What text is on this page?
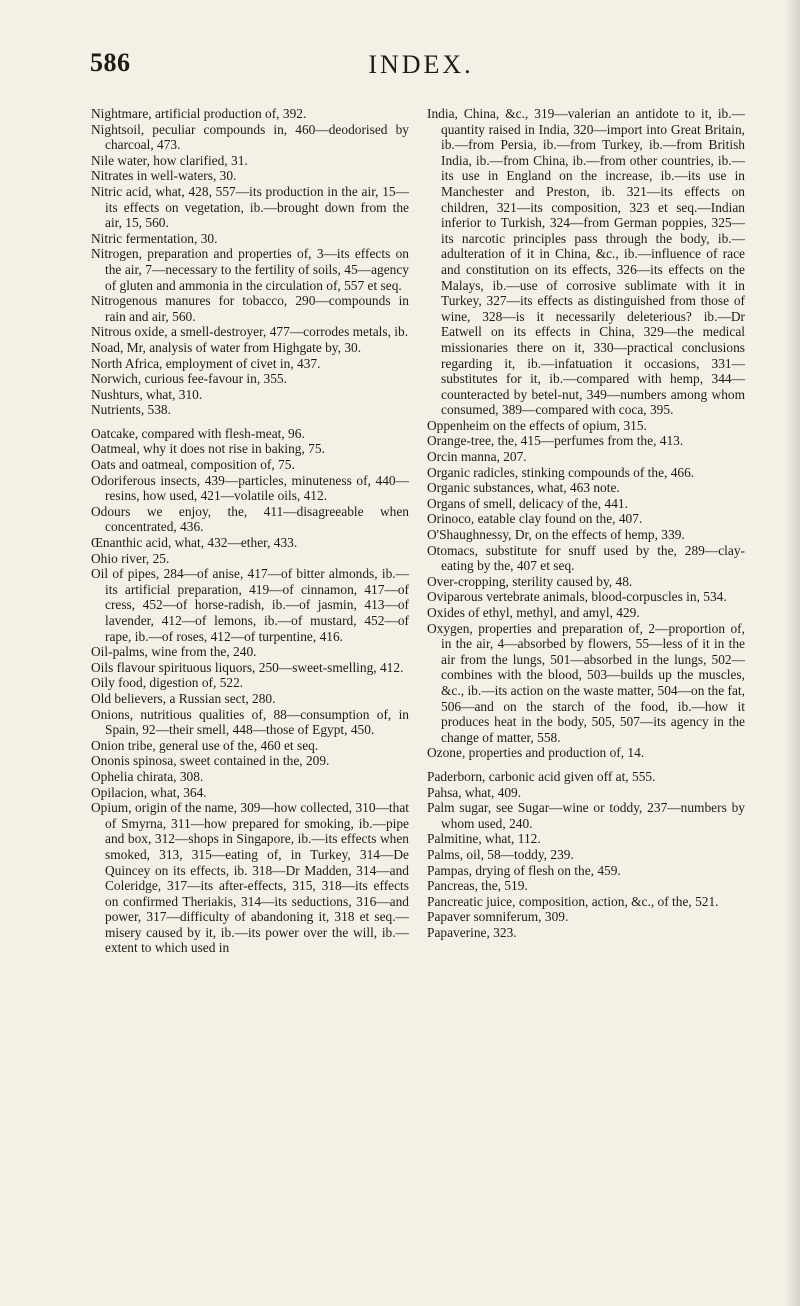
586	INDEX.

Nightmare, artificial production of, 392.

Nightsoil, peculiar compounds in, 460—deodorised by charcoal, 473.

Nile water, how clarified, 31.

Nitrates in well-waters, 30.

Nitric acid, what, 428, 557—its production in the air, 15—its effects on vegetation, ib.—brought down from the air, 15, 560.

Nitric fermentation, 30.

Nitrogen, preparation and properties of, 3—its effects on the air, 7—necessary to the fertility of soils, 45—agency of gluten and ammonia in the circulation of, 557 et seq.

Nitrogenous manures for tobacco, 290—compounds in rain and air, 560.

Nitrous oxide, a smell-destroyer, 477—corrodes metals, ib.

Noad, Mr, analysis of water from Highgate by, 30.

North Africa, employment of civet in, 437.

Norwich, curious fee-favour in, 355.

Nushturs, what, 310.

Nutrients, 538.

Oatcake, compared with flesh-meat, 96.

Oatmeal, why it does not rise in baking, 75.

Oats and oatmeal, composition of, 75.

Odoriferous insects, 439—particles, minuteness of, 440—resins, how used, 421—volatile oils, 412.

Odours we enjoy, the, 411—disagreeable when concentrated, 436.

Œnanthic acid, what, 432—ether, 433.

Ohio river, 25.

Oil of pipes, 284—of anise, 417—of bitter almonds, ib.—its artificial preparation, 419—of cinnamon, 417—of cress, 452—of horse-radish, ib.—of jasmin, 413—of lavender, 412—of lemons, ib.—of mustard, 452—of rape, ib.—of roses, 412—of turpentine, 416.

Oil-palms, wine from the, 240.

Oils flavour spirituous liquors, 250—sweet-smelling, 412.

Oily food, digestion of, 522.

Old believers, a Russian sect, 280.

Onions, nutritious qualities of, 88—consumption of, in Spain, 92—their smell, 448—those of Egypt, 450.

Onion tribe, general use of the, 460 et seq.

Ononis spinosa, sweet contained in the, 209.

Ophelia chirata, 308.

Opilacion, what, 364.

Opium, origin of the name, 309—how collected, 310—that of Smyrna, 311—how prepared for smoking, ib.—pipe and box, 312—shops in Singapore, ib.—its effects when smoked, 313, 315—eating of, in Turkey, 314—De Quincey on its effects, ib. 318—Dr Madden, 314—and Coleridge, 317—its after-effects, 315, 318—its effects on confirmed Theriakis, 314—its seductions, 316—and power, 317—difficulty of abandoning it, 318 et seq.—misery caused by it, ib.—its power over the will, ib.—extent to which used in

India, China, &c., 319—valerian an antidote to it, ib.—quantity raised in India, 320—import into Great Britain, ib.—from Persia, ib.—from Turkey, ib.—from British India, ib.—from China, ib.—from other countries, ib.—its use in England on the increase, ib.—its use in Manchester and Preston, ib. 321—its effects on children, 321—its composition, 323 et seq.—Indian inferior to Turkish, 324—from German poppies, 325—its narcotic principles pass through the body, ib.—adulteration of it in China, &c., ib.—influence of race and constitution on its effects, 326—its effects on the Malays, ib.—use of corrosive sublimate with it in Turkey, 327—its effects as distinguished from those of wine, 328—is it necessarily deleterious? ib.—Dr Eatwell on its effects in China, 329—the medical missionaries there on it, 330—practical conclusions regarding it, ib.—infatuation it occasions, 331—substitutes for it, ib.—compared with hemp, 344—counteracted by betel-nut, 349—numbers among whom consumed, 389—compared with coca, 395.

Oppenheim on the effects of opium, 315.

Orange-tree, the, 415—perfumes from the, 413.

Orcin manna, 207.

Organic radicles, stinking compounds of the, 466.

Organic substances, what, 463 note.

Organs of smell, delicacy of the, 441.

Orinoco, eatable clay found on the, 407.

O'Shaughnessy, Dr, on the effects of hemp, 339.

Otomacs, substitute for snuff used by the, 289—clay-eating by the, 407 et seq.

Over-cropping, sterility caused by, 48.

Oviparous vertebrate animals, blood-corpuscles in, 534.

Oxides of ethyl, methyl, and amyl, 429.

Oxygen, properties and preparation of, 2—proportion of, in the air, 4—absorbed by flowers, 55—less of it in the air from the lungs, 501—absorbed in the lungs, 502—combines with the blood, 503—builds up the muscles, &c., ib.—its action on the waste matter, 504—on the fat, 506—and on the starch of the food, ib.—how it produces heat in the body, 505, 507—its agency in the change of matter, 558.

Ozone, properties and production of, 14.

Paderborn, carbonic acid given off at, 555.

Pahsa, what, 409.

Palm sugar, see Sugar—wine or toddy, 237—numbers by whom used, 240.

Palmitine, what, 112.

Palms, oil, 58—toddy, 239.

Pampas, drying of flesh on the, 459.

Pancreas, the, 519.

Pancreatic juice, composition, action, &c., of the, 521.

Papaver somniferum, 309.

Papaverine, 323.
